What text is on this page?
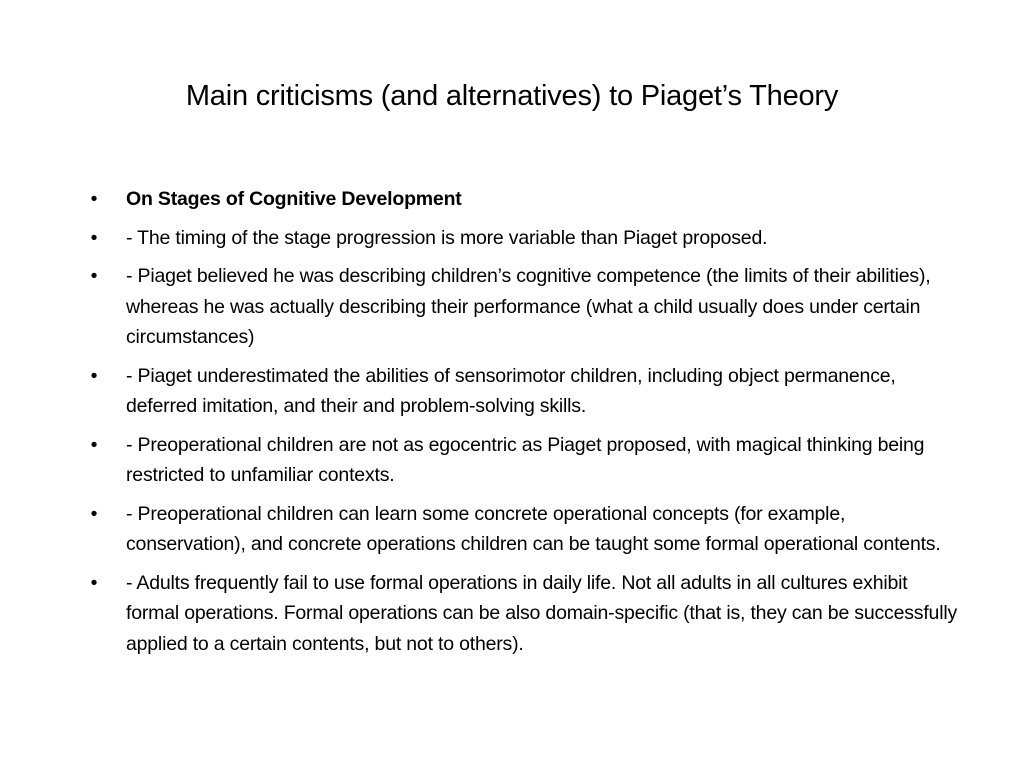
Main criticisms (and alternatives) to Piaget’s Theory
• On Stages of Cognitive Development
• - The timing of the stage progression is more variable than Piaget proposed.
• - Piaget believed he was describing children’s cognitive competence (the limits of their abilities), whereas he was actually describing their performance (what a child usually does under certain circumstances)
• - Piaget underestimated the abilities of sensorimotor children, including object permanence, deferred imitation, and their and problem-solving skills.
• - Preoperational children are not as egocentric as Piaget proposed, with magical thinking being restricted to unfamiliar contexts.
• - Preoperational children can learn some concrete operational concepts (for example, conservation), and concrete operations children can be taught some formal operational contents.
• - Adults frequently fail to use formal operations in daily life. Not all adults in all cultures exhibit formal operations. Formal operations can be also domain-specific (that is, they can be successfully applied to a certain contents, but not to others).
